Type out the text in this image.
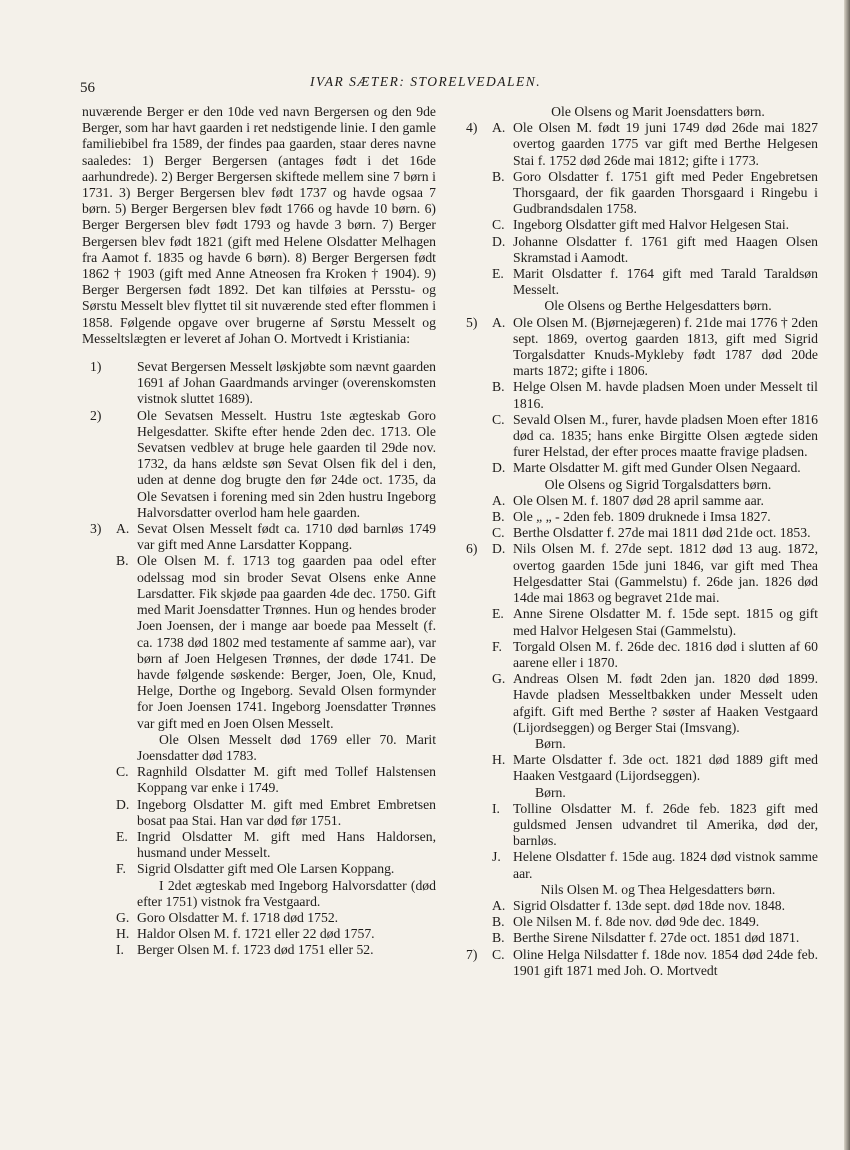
56	IVAR SÆTER: STORELVEDALEN.

nuværende Berger er den 10de ved navn Bergersen og den 9de Berger, som har havt gaarden i ret nedstigende linie. I den gamle familiebibel fra 1589, der findes paa gaarden, staar deres navne saaledes: 1) Berger Bergersen (antages født i det 16de aarhundrede). 2) Berger Bergersen skiftede mellem sine 7 børn i 1731. 3) Berger Bergersen blev født 1737 og havde ogsaa 7 børn. 5) Berger Bergersen blev født 1766 og havde 10 børn. 6) Berger Bergersen blev født 1793 og havde 3 børn. 7) Berger Bergersen blev født 1821 (gift med Helene Olsdatter Melhagen fra Aamot f. 1835 og havde 6 børn). 8) Berger Bergersen født 1862 † 1903 (gift med Anne Atneosen fra Kroken † 1904). 9) Berger Bergersen født 1892. Det kan tilføies at Persstu- og Sørstu Messelt blev flyttet til sit nuværende sted efter flommen i 1858. Følgende opgave over brugerne af Sørstu Messelt og Messeltslægten er leveret af Johan O. Mortvedt i Kristiania:

1)	Sevat Bergersen Messelt løskjøbte som nævnt gaarden 1691 af Johan Gaardmands arvinger (overenskomsten vistnok sluttet 1689).
2)	Ole Sevatsen Messelt. Hustru 1ste ægteskab Goro Helgesdatter. Skifte efter hende 2den dec. 1713. Ole Sevatsen vedblev at bruge hele gaarden til 29de nov. 1732, da hans ældste søn Sevat Olsen fik del i den, uden at denne dog brugte den før 24de oct. 1735, da Ole Sevatsen i forening med sin 2den hustru Ingeborg Halvorsdatter overlod ham hele gaarden.
3) A. Sevat Olsen Messelt født ca. 1710 død barnløs 1749 var gift med Anne Larsdatter Koppang.
B. Ole Olsen M. f. 1713 tog gaarden paa odel efter odelssag mod sin broder Sevat Olsens enke Anne Larsdatter. Fik skjøde paa gaarden 4de dec. 1750. Gift med Marit Joensdatter Trønnes. Hun og hendes broder Joen Joensen, der i mange aar boede paa Messelt (f. ca. 1738 død 1802 med testamente af samme aar), var børn af Joen Helgesen Trønnes, der døde 1741. De havde følgende søskende: Berger, Joen, Ole, Knud, Helge, Dorthe og Ingeborg. Sevald Olsen formynder for Joen Joensen 1741. Ingeborg Joensdatter Trønnes var gift med en Joen Olsen Messelt.
Ole Olsen Messelt død 1769 eller 70. Marit Joensdatter død 1783.
C. Ragnhild Olsdatter M. gift med Tollef Halstensen Koppang var enke i 1749.
D. Ingeborg Olsdatter M. gift med Embret Embretsen bosat paa Stai. Han var død før 1751.
E. Ingrid Olsdatter M. gift med Hans Haldorsen, husmand under Messelt.
F. Sigrid Olsdatter gift med Ole Larsen Koppang.
I 2det ægteskab med Ingeborg Halvorsdatter (død efter 1751) vistnok fra Vestgaard.
G. Goro Olsdatter M. f. 1718 død 1752.
H. Haldor Olsen M. f. 1721 eller 22 død 1757.
I. Berger Olsen M. f. 1723 død 1751 eller 52.
Ole Olsens og Marit Joensdatters børn.
4) A. Ole Olsen M. født 19 juni 1749 død 26de mai 1827 overtog gaarden 1775 var gift med Berthe Helgesen Stai f. 1752 død 26de mai 1812; gifte i 1773.
B. Goro Olsdatter f. 1751 gift med Peder Engebretsen Thorsgaard, der fik gaarden Thorsgaard i Ringebu i Gudbrandsdalen 1758.
C. Ingeborg Olsdatter gift med Halvor Helgesen Stai.
D. Johanne Olsdatter f. 1761 gift med Haagen Olsen Skramstad i Aamodt.
E. Marit Olsdatter f. 1764 gift med Tarald Taraldsøn Messelt.
Ole Olsens og Berthe Helgesdatters børn.
5) A. Ole Olsen M. (Bjørnejægeren) f. 21de mai 1776 † 2den sept. 1869, overtog gaarden 1813, gift med Sigrid Torgalsdatter Knuds-Mykleby født 1787 død 20de marts 1872; gifte i 1806.
B. Helge Olsen M. havde pladsen Moen under Messelt til 1816.
C. Sevald Olsen M., furer, havde pladsen Moen efter 1816 død ca. 1835; hans enke Birgitte Olsen ægtede siden furer Helstad, der efter proces maatte fravige pladsen.
D. Marte Olsdatter M. gift med Gunder Olsen Negaard.
Ole Olsens og Sigrid Torgalsdatters børn.
A. Ole Olsen M. f. 1807 død 28 april samme aar.
B. Ole „ „ - 2den feb. 1809 druknede i Imsa 1827.
C. Berthe Olsdatter f. 27de mai 1811 død 21de oct. 1853.
6) D. Nils Olsen M. f. 27de sept. 1812 død 13 aug. 1872, overtog gaarden 15de juni 1846, var gift med Thea Helgesdatter Stai (Gammelstu) f. 26de jan. 1826 død 14de mai 1863 og begravet 21de mai.
E. Anne Sirene Olsdatter M. f. 15de sept. 1815 og gift med Halvor Helgesen Stai (Gammelstu).
F. Torgald Olsen M. f. 26de dec. 1816 død i slutten af 60 aarene eller i 1870.
G. Andreas Olsen M. født 2den jan. 1820 død 1899. Havde pladsen Messeltbakken under Messelt uden afgift. Gift med Berthe ? søster af Haaken Vestgaard (Lijordseggen) og Berger Stai (Imsvang).
Børn.
H. Marte Olsdatter f. 3de oct. 1821 død 1889 gift med Haaken Vestgaard (Lijordseggen).
Børn.
I. Tolline Olsdatter M. f. 26de feb. 1823 gift med guldsmed Jensen udvandret til Amerika, død der, barnløs.
J. Helene Olsdatter f. 15de aug. 1824 død vistnok samme aar.
Nils Olsen M. og Thea Helgesdatters børn.
A. Sigrid Olsdatter f. 13de sept. død 18de nov. 1848.
B. Ole Nilsen M. f. 8de nov. død 9de dec. 1849.
B. Berthe Sirene Nilsdatter f. 27de oct. 1851 død 1871.
7) C. Oline Helga Nilsdatter f. 18de nov. 1854 død 24de feb. 1901 gift 1871 med Joh. O. Mortvedt
